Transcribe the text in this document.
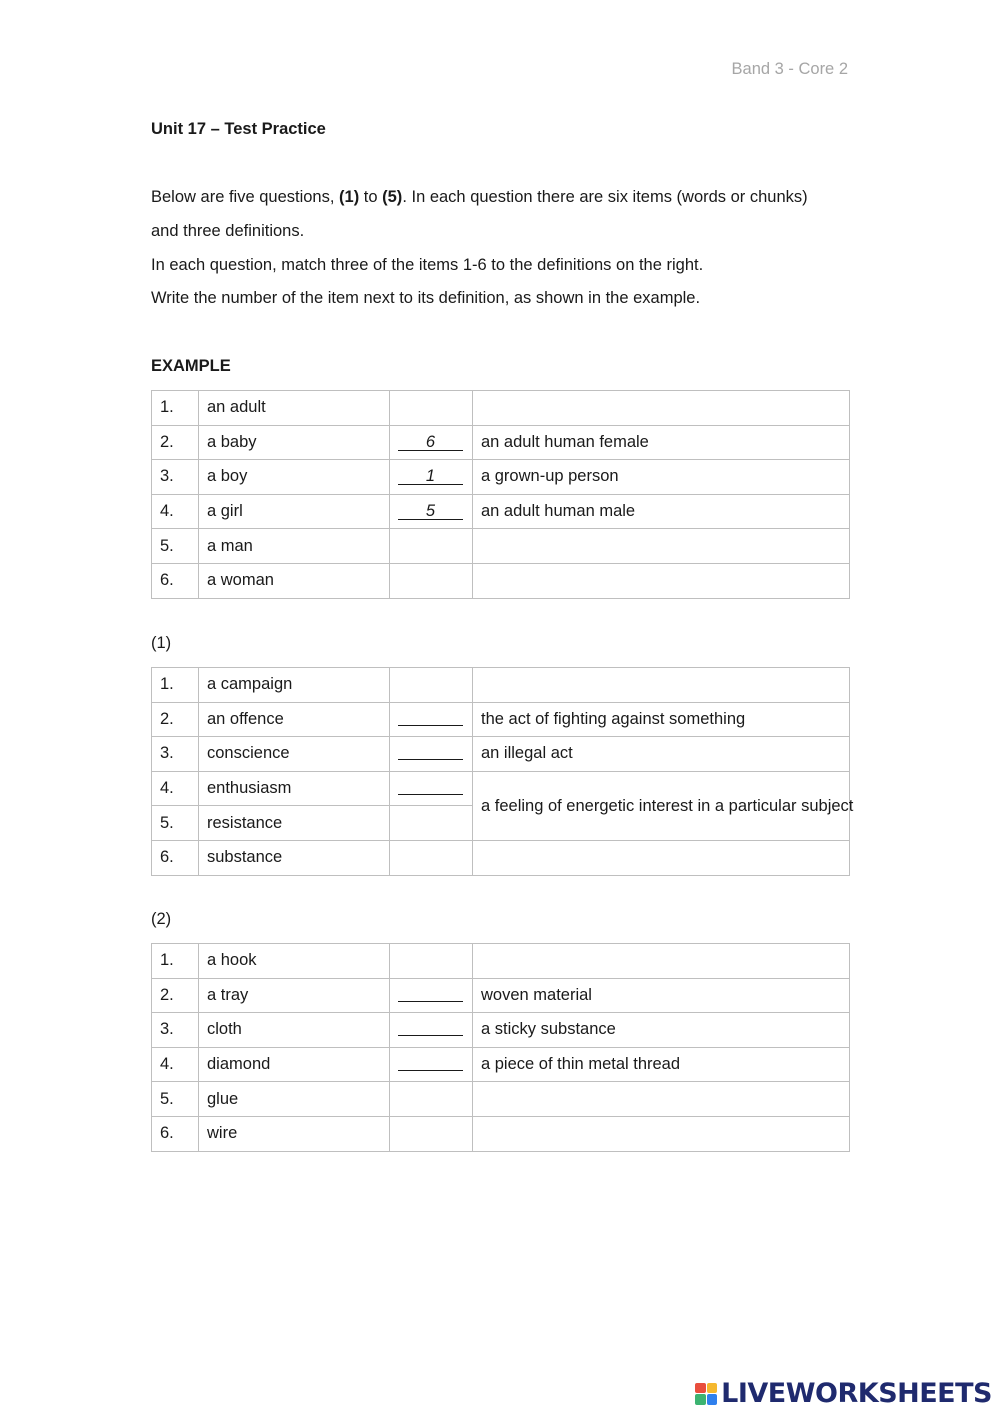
Band 3 - Core 2
Unit 17 – Test Practice
Below are five questions, (1) to (5). In each question there are six items (words or chunks)
and three definitions.
In each question, match three of the items 1-6 to the definitions on the right.
Write the number of the item next to its definition, as shown in the example.
EXAMPLE
1.	an adult		
2.	a baby	6	an adult human female
3.	a boy	1	a grown-up person
4.	a girl	5	an adult human male
5.	a man		
6.	a woman		
(1)
1.	a campaign		
2.	an offence		the act of fighting against something
3.	conscience		an illegal act
4.	enthusiasm		a feeling of energetic interest in a particular subject
5.	resistance		
6.	substance		
(2)
1.	a hook		
2.	a tray		woven material
3.	cloth		a sticky substance
4.	diamond		a piece of thin metal thread
5.	glue		
6.	wire		
LIVEWORKSHEETS
